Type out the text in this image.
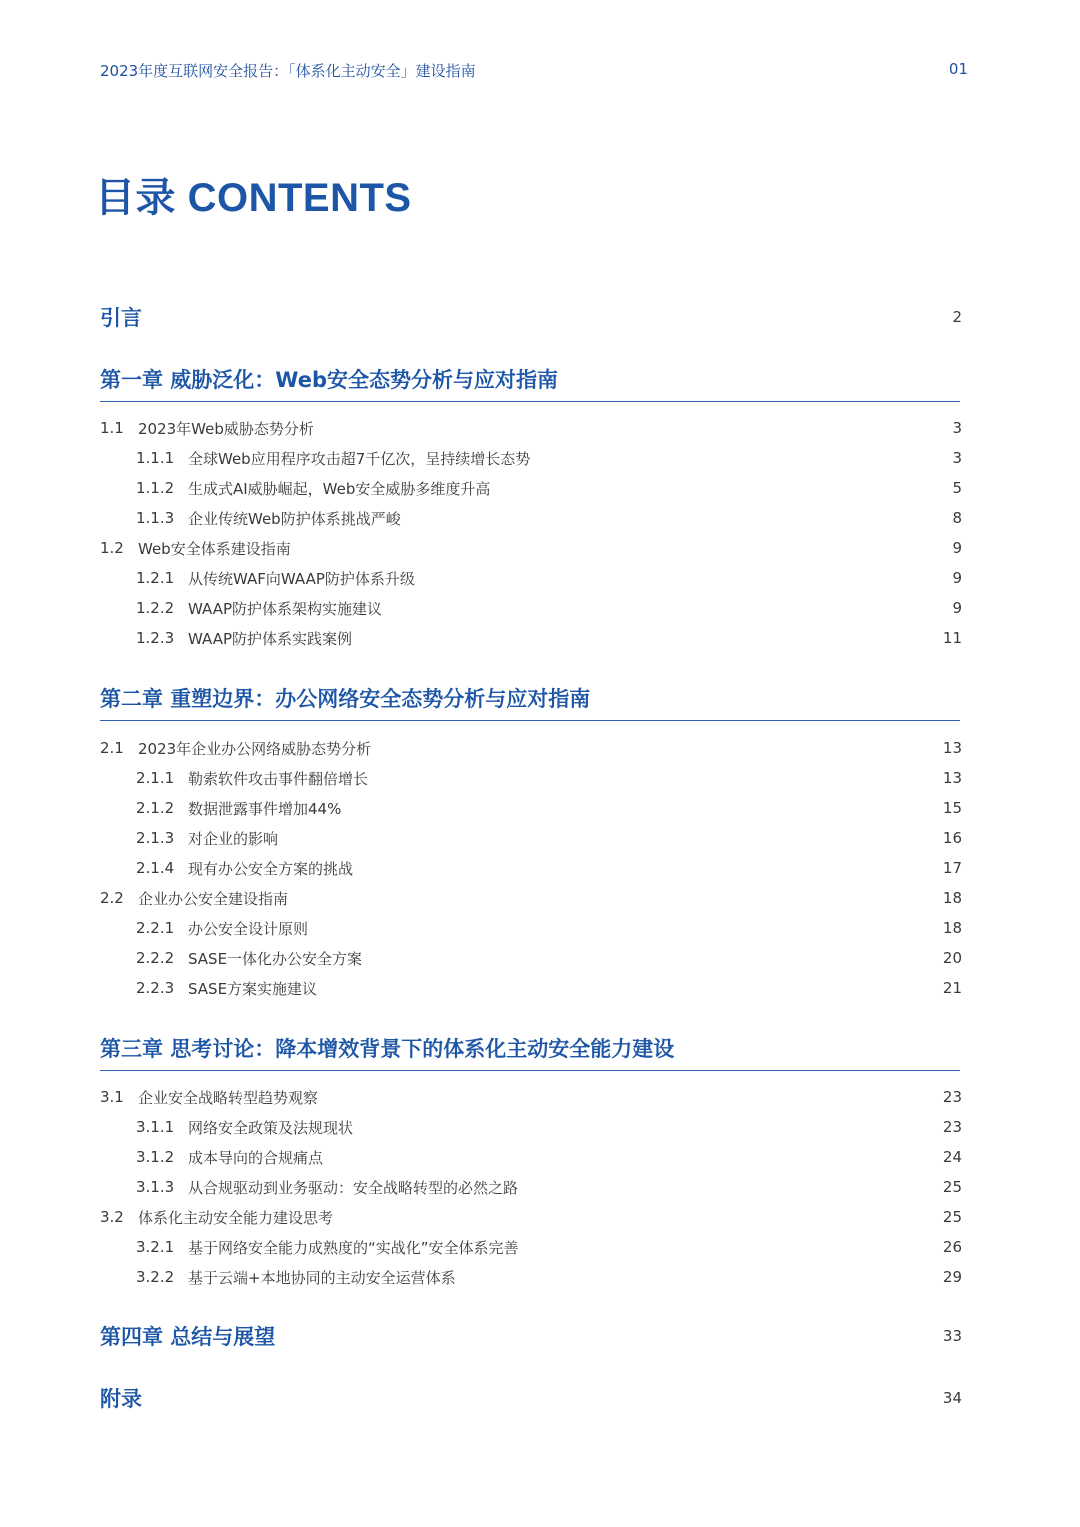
2023年度互联网安全报告：「体系化主动安全」建设指南	01
目录 CONTENTS
引言	2
第一章 威胁泛化：Web安全态势分析与应对指南
1.1 2023年Web威胁态势分析	3
1.1.1 全球Web应用程序攻击超7千亿次，呈持续增长态势	3
1.1.2 生成式AI威胁崛起，Web安全威胁多维度升高	5
1.1.3 企业传统Web防护体系挑战严峻	8
1.2 Web安全体系建设指南	9
1.2.1 从传统WAF向WAAP防护体系升级	9
1.2.2 WAAP防护体系架构实施建议	9
1.2.3 WAAP防护体系实践案例	11
第二章 重塑边界：办公网络安全态势分析与应对指南
2.1 2023年企业办公网络威胁态势分析	13
2.1.1 勒索软件攻击事件翻倍增长	13
2.1.2 数据泄露事件增加44%	15
2.1.3 对企业的影响	16
2.1.4 现有办公安全方案的挑战	17
2.2 企业办公安全建设指南	18
2.2.1 办公安全设计原则	18
2.2.2 SASE一体化办公安全方案	20
2.2.3 SASE方案实施建议	21
第三章 思考讨论：降本增效背景下的体系化主动安全能力建设
3.1 企业安全战略转型趋势观察	23
3.1.1 网络安全政策及法规现状	23
3.1.2 成本导向的合规痛点	24
3.1.3 从合规驱动到业务驱动：安全战略转型的必然之路	25
3.2 体系化主动安全能力建设思考	25
3.2.1 基于网络安全能力成熟度的“实战化”安全体系完善	26
3.2.2 基于云端+本地协同的主动安全运营体系	29
第四章 总结与展望	33
附录	34
